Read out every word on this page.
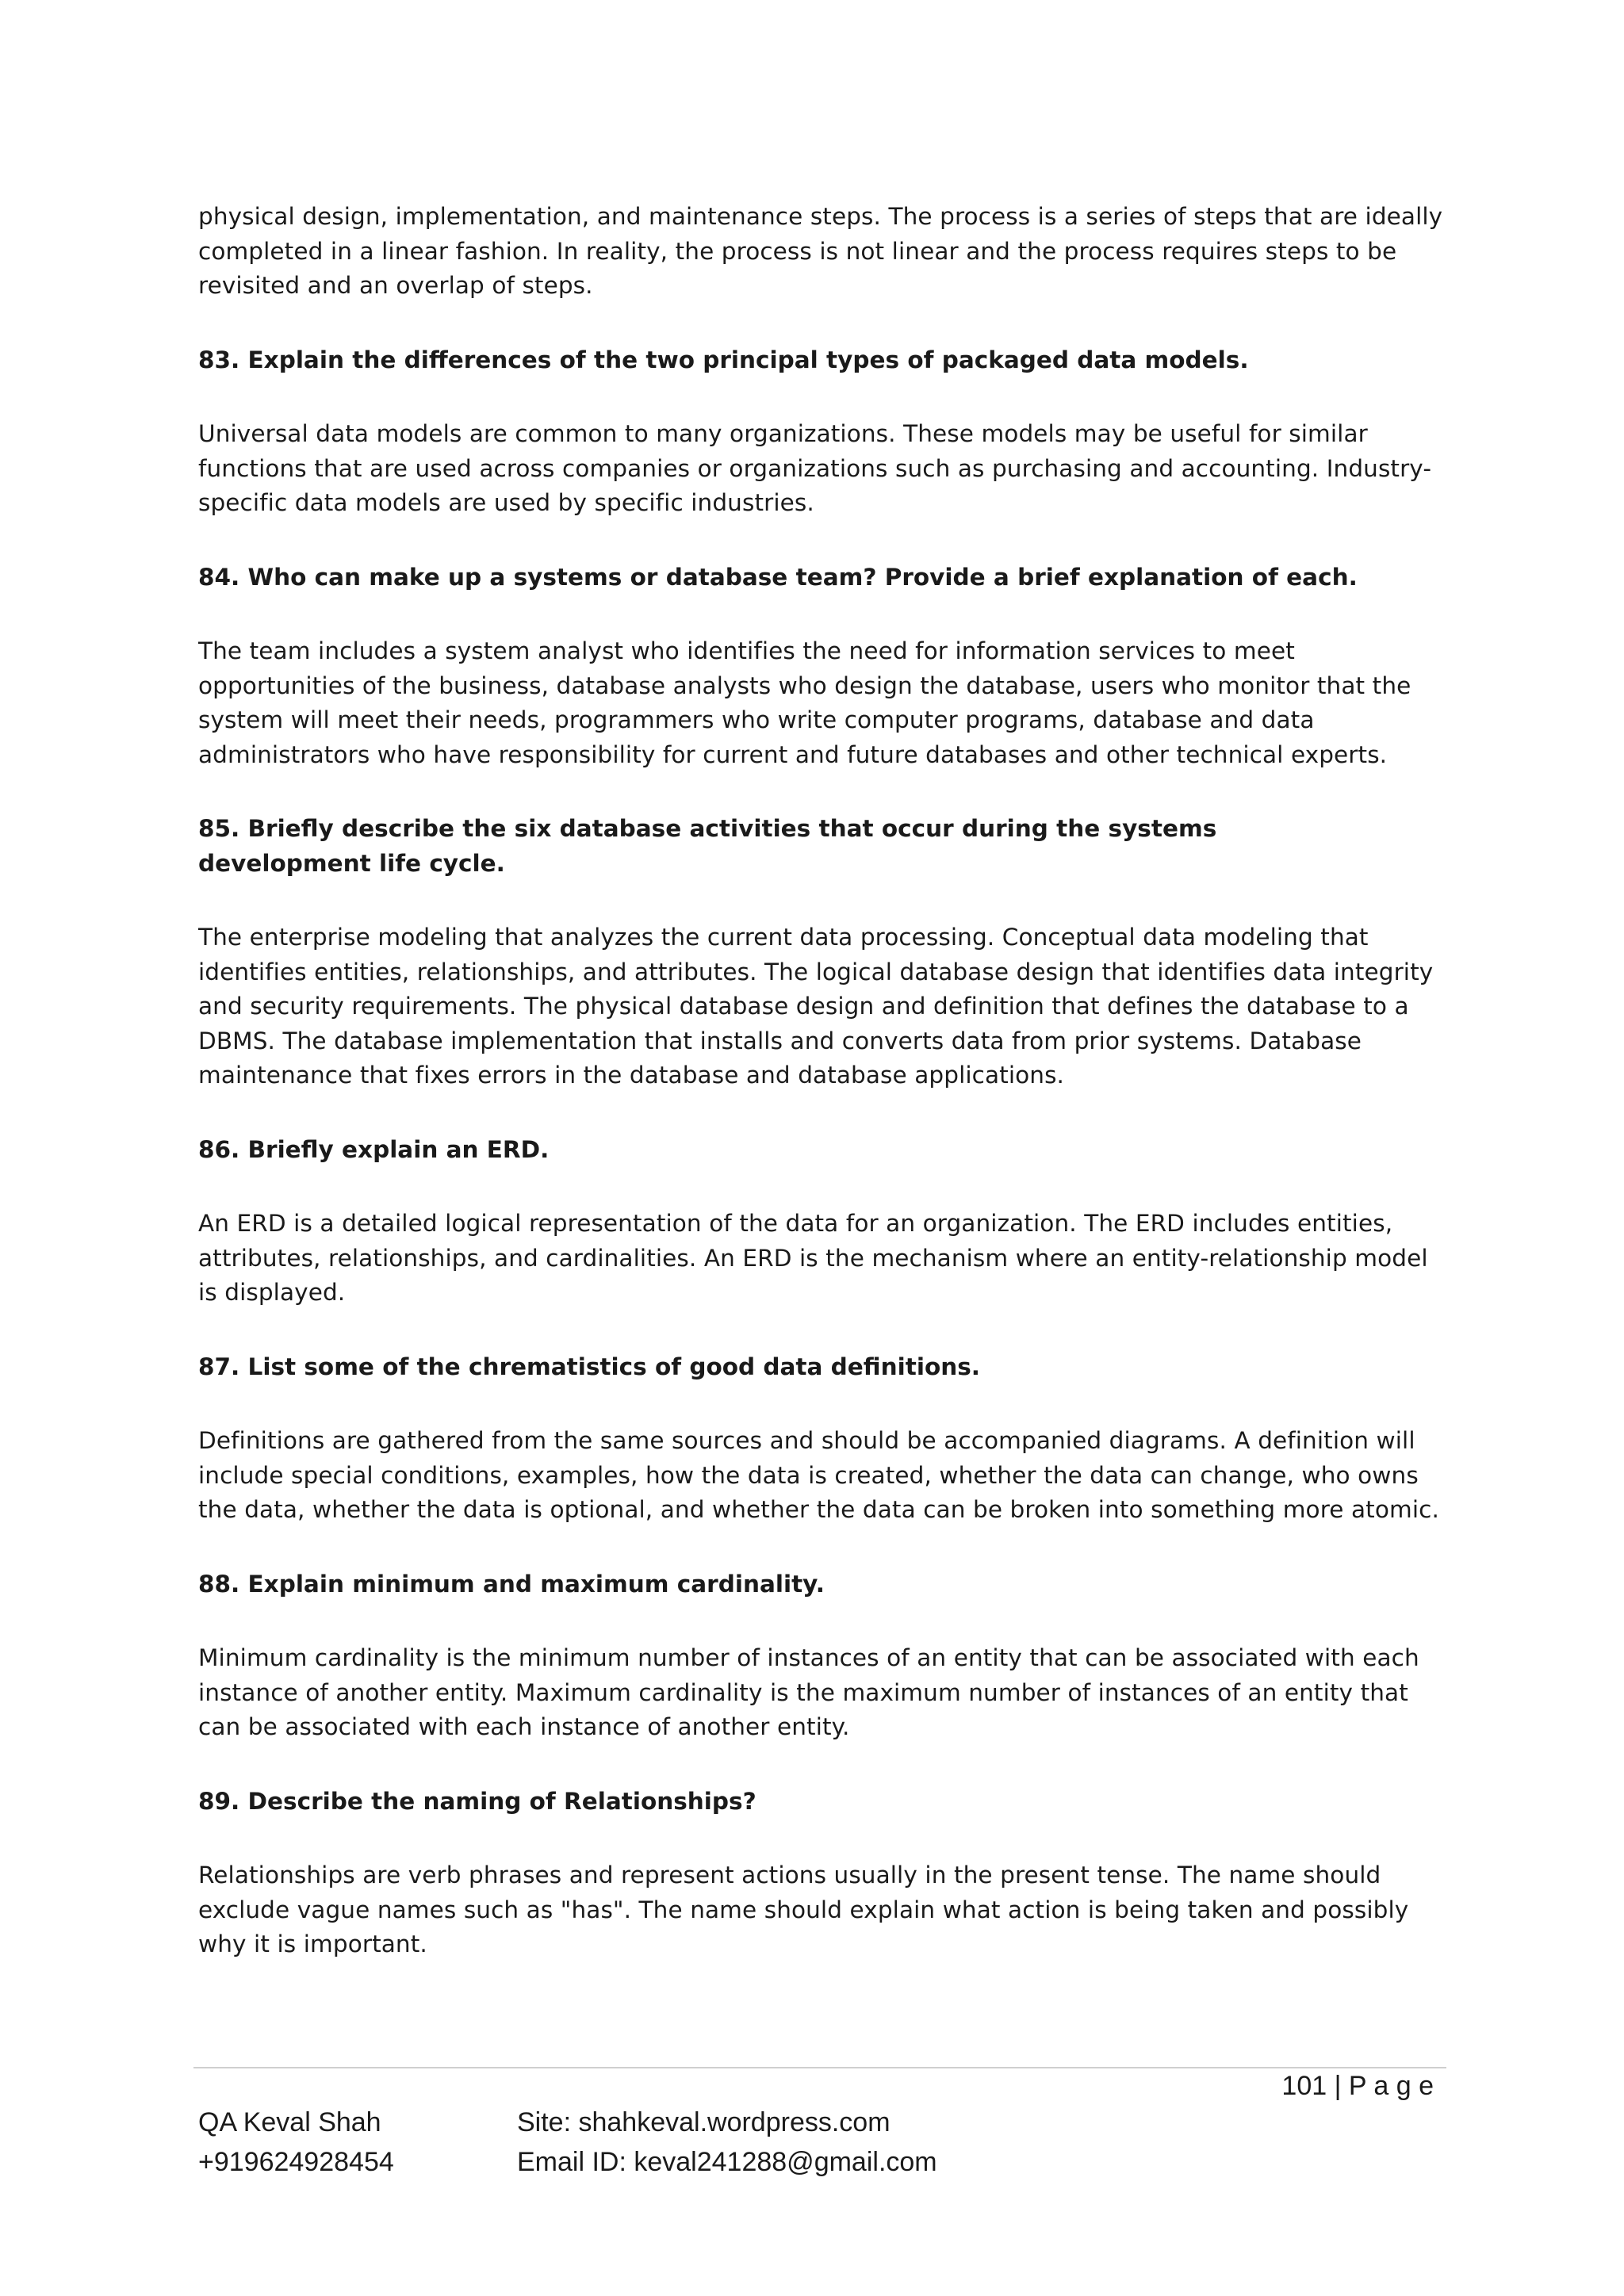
physical design, implementation, and maintenance steps. The process is a series of steps that are ideally completed in a linear fashion. In reality, the process is not linear and the process requires steps to be revisited and an overlap of steps.

83. Explain the differences of the two principal types of packaged data models.

Universal data models are common to many organizations. These models may be useful for similar functions that are used across companies or organizations such as purchasing and accounting. Industry-specific data models are used by specific industries.

84. Who can make up a systems or database team? Provide a brief explanation of each.

The team includes a system analyst who identifies the need for information services to meet opportunities of the business, database analysts who design the database, users who monitor that the system will meet their needs, programmers who write computer programs, database and data administrators who have responsibility for current and future databases and other technical experts.

85. Briefly describe the six database activities that occur during the systems development life cycle.

The enterprise modeling that analyzes the current data processing. Conceptual data modeling that identifies entities, relationships, and attributes. The logical database design that identifies data integrity and security requirements. The physical database design and definition that defines the database to a DBMS. The database implementation that installs and converts data from prior systems. Database maintenance that fixes errors in the database and database applications.

86. Briefly explain an ERD.

An ERD is a detailed logical representation of the data for an organization. The ERD includes entities, attributes, relationships, and cardinalities. An ERD is the mechanism where an entity-relationship model is displayed.

87. List some of the chrematistics of good data definitions.

Definitions are gathered from the same sources and should be accompanied diagrams. A definition will include special conditions, examples, how the data is created, whether the data can change, who owns the data, whether the data is optional, and whether the data can be broken into something more atomic.

88. Explain minimum and maximum cardinality.

Minimum cardinality is the minimum number of instances of an entity that can be associated with each instance of another entity. Maximum cardinality is the maximum number of instances of an entity that can be associated with each instance of another entity.

89. Describe the naming of Relationships?

Relationships are verb phrases and represent actions usually in the present tense. The name should exclude vague names such as "has". The name should explain what action is being taken and possibly why it is important.

101 | P a g e
QA Keval Shah
+919624928454
Site: shahkeval.wordpress.com
Email ID: keval241288@gmail.com
